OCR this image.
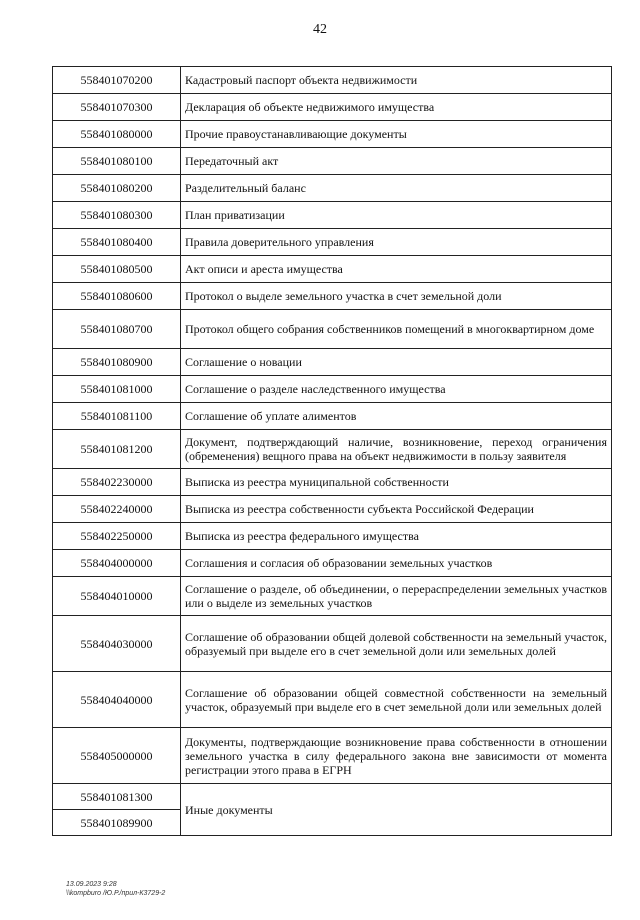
42
558401070200	Кадастровый паспорт объекта недвижимости
558401070300	Декларация об объекте недвижимого имущества
558401080000	Прочие правоустанавливающие документы
558401080100	Передаточный акт
558401080200	Разделительный баланс
558401080300	План приватизации
558401080400	Правила доверительного управления
558401080500	Акт описи и ареста имущества
558401080600	Протокол о выделе земельного участка в счет земельной доли
558401080700	Протокол общего собрания собственников помещений в многоквартирном доме
558401080900	Соглашение о новации
558401081000	Соглашение о разделе наследственного имущества
558401081100	Соглашение об уплате алиментов
558401081200	Документ, подтверждающий наличие, возникновение, переход ограничения (обременения) вещного права на объект недвижимости в пользу заявителя
558402230000	Выписка из реестра муниципальной собственности
558402240000	Выписка из реестра собственности субъекта Российской Федерации
558402250000	Выписка из реестра федерального имущества
558404000000	Соглашения и согласия об образовании земельных участков
558404010000	Соглашение о разделе, об объединении, о перераспределении земельных участков или о выделе из земельных участков
558404030000	Соглашение об образовании общей долевой собственности на земельный участок, образуемый при выделе его в счет земельной доли или земельных долей
558404040000	Соглашение об образовании общей совместной собственности на земельный участок, образуемый при выделе его в счет земельной доли или земельных долей
558405000000	Документы, подтверждающие возникновение права собственности в отношении земельного участка в силу федерального закона вне зависимости от момента регистрации этого права в ЕГРН
558401081300	Иные документы
558401089900	
13.09.2023 9:28
\\kompburo /Ю.Р./прил-К3729-2
